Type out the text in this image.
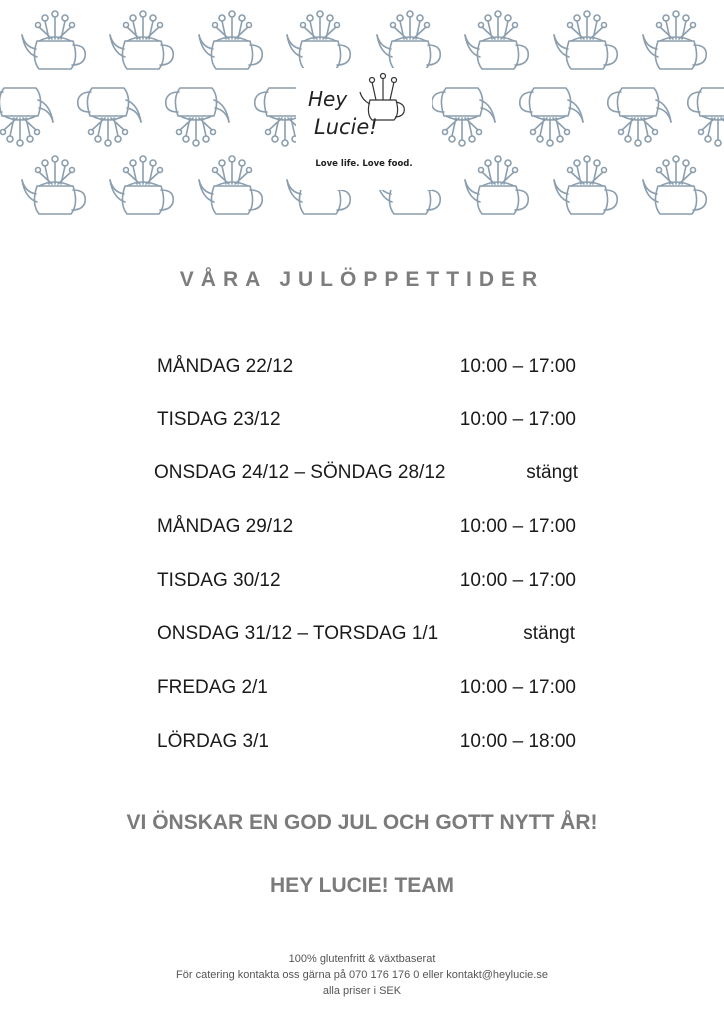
Hey
Lucie!
Love life. Love food.
VÅRA JULÖPPETTIDER
MÅNDAG 22/12	10:00 – 17:00
TISDAG 23/12	10:00 – 17:00
ONSDAG 24/12 – SÖNDAG 28/12	stängt
MÅNDAG 29/12	10:00 – 17:00
TISDAG 30/12	10:00 – 17:00
ONSDAG 31/12 – TORSDAG 1/1	stängt
FREDAG 2/1	10:00 – 17:00
LÖRDAG 3/1	10:00 – 18:00

VI ÖNSKAR EN GOD JUL OCH GOTT NYTT ÅR!

HEY LUCIE! TEAM

100% glutenfritt & växtbaserat
För catering kontakta oss gärna på 070 176 176 0 eller kontakt@heylucie.se
alla priser i SEK
